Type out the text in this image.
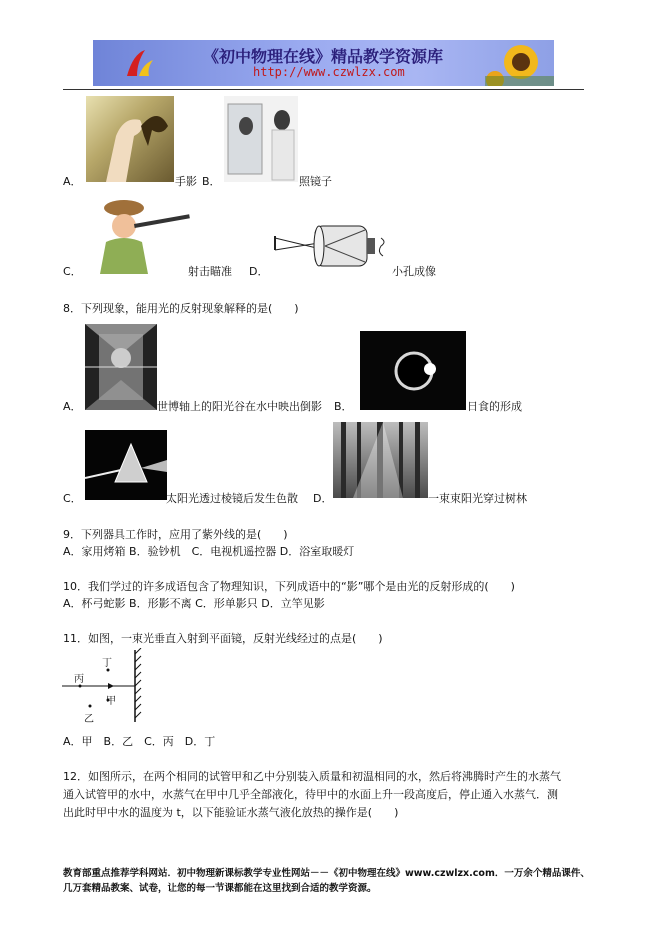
《初中物理在线》精品教学资源库
http://www.czwlzx.com
A．	手影 B．	照镜子
C．	射击瞄准 D．	小孔成像
8．下列现象，能用光的反射现象解释的是(　　)
A．	世博轴上的阳光谷在水中映出倒影 B．	日食的形成
C．	太阳光透过棱镜后发生色散 D．	一束束阳光穿过树林
9．下列器具工作时，应用了紫外线的是(　　)
A．家用烤箱 B．验钞机　C．电视机遥控器 D．浴室取暖灯
10．我们学过的许多成语包含了物理知识，下列成语中的“影”哪个是由光的反射形成的(　　)
A．杯弓蛇影 B．形影不离 C．形单影只 D．立竿见影
11．如图，一束光垂直入射到平面镜，反射光线经过的点是(　　)
丁
丙
甲
乙
A．甲　B．乙　C．丙　D．丁
12．如图所示，在两个相同的试管甲和乙中分别装入质量和初温相同的水，然后将沸腾时产生的水蒸气
通入试管甲的水中，水蒸气在甲中几乎全部液化，待甲中的水面上升一段高度后，停止通入水蒸气．测
出此时甲中水的温度为 t，以下能验证水蒸气液化放热的操作是(　　)
教育部重点推荐学科网站．初中物理新课标教学专业性网站－－《初中物理在线》www.czwlzx.com．一万余个精品课件、
几万套精品教案、试卷，让您的每一节课都能在这里找到合适的教学资源。
